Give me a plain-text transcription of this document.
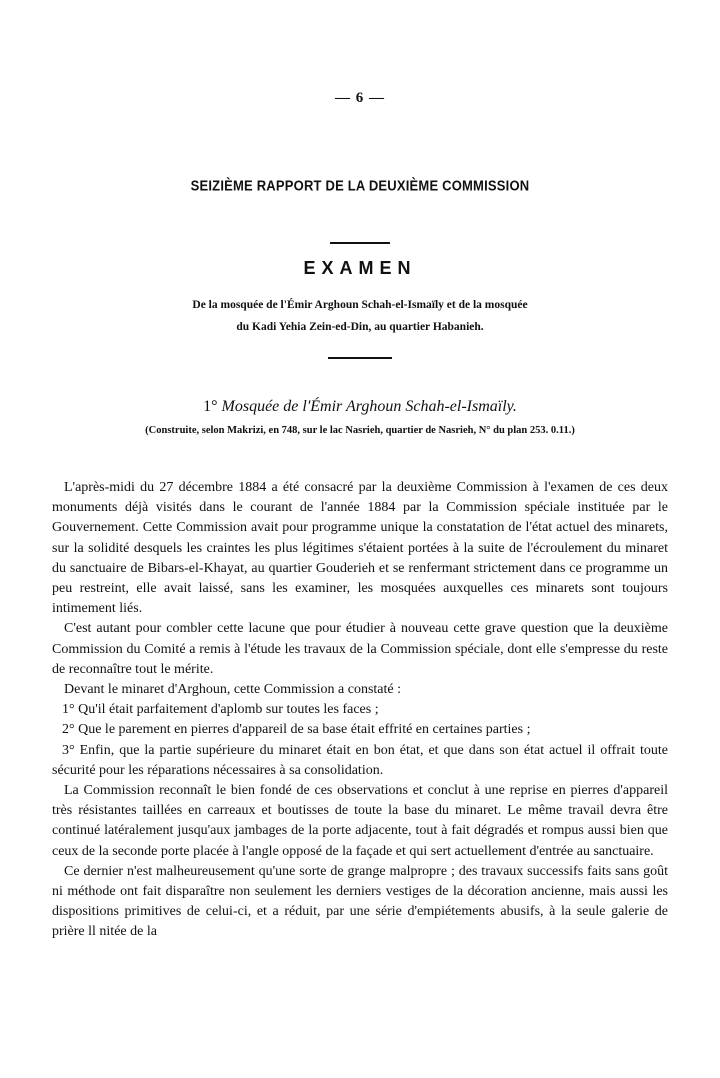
— 6 —
SEIZIÈME RAPPORT DE LA DEUXIÈME COMMISSION
EXAMEN
De la mosquée de l'Émir Arghoun Schah-el-Ismaïly et de la mosquée
du Kadi Yehia Zein-ed-Din, au quartier Habanieh.
1° Mosquée de l'Émir Arghoun Schah-el-Ismaïly.
(Construite, selon Makrizi, en 748, sur le lac Nasrieh, quartier de Nasrieh, N° du plan 253. 0.11.)

L'après-midi du 27 décembre 1884 a été consacré par la deuxième Commission à l'examen de ces deux monuments déjà visités dans le courant de l'année 1884 par la Commission spéciale instituée par le Gouvernement. Cette Commission avait pour programme unique la constatation de l'état actuel des minarets, sur la solidité desquels les craintes les plus légitimes s'étaient portées à la suite de l'écroulement du minaret du sanctuaire de Bibars-el-Khayat, au quartier Gouderieh et se renfermant strictement dans ce programme un peu restreint, elle avait laissé, sans les examiner, les mosquées auxquelles ces minarets sont toujours intimement liés.

C'est autant pour combler cette lacune que pour étudier à nouveau cette grave question que la deuxième Commission du Comité a remis à l'étude les travaux de la Commission spéciale, dont elle s'empresse du reste de reconnaître tout le mérite.

Devant le minaret d'Arghoun, cette Commission a constaté :

1° Qu'il était parfaitement d'aplomb sur toutes les faces ;

2° Que le parement en pierres d'appareil de sa base était effrité en certaines parties ;

3° Enfin, que la partie supérieure du minaret était en bon état, et que dans son état actuel il offrait toute sécurité pour les réparations nécessaires à sa consolidation.

La Commission reconnaît le bien fondé de ces observations et conclut à une reprise en pierres d'appareil très résistantes taillées en carreaux et boutisses de toute la base du minaret. Le même travail devra être continué latéralement jusqu'aux jambages de la porte adjacente, tout à fait dégradés et rompus aussi bien que ceux de la seconde porte placée à l'angle opposé de la façade et qui sert actuellement d'entrée au sanctuaire.

Ce dernier n'est malheureusement qu'une sorte de grange malpropre ; des travaux successifs faits sans goût ni méthode ont fait disparaître non seulement les derniers vestiges de la décoration ancienne, mais aussi les dispositions primitives de celui-ci, et a réduit, par une série d'empiétements abusifs, à la seule galerie de prière ll nitée de la
